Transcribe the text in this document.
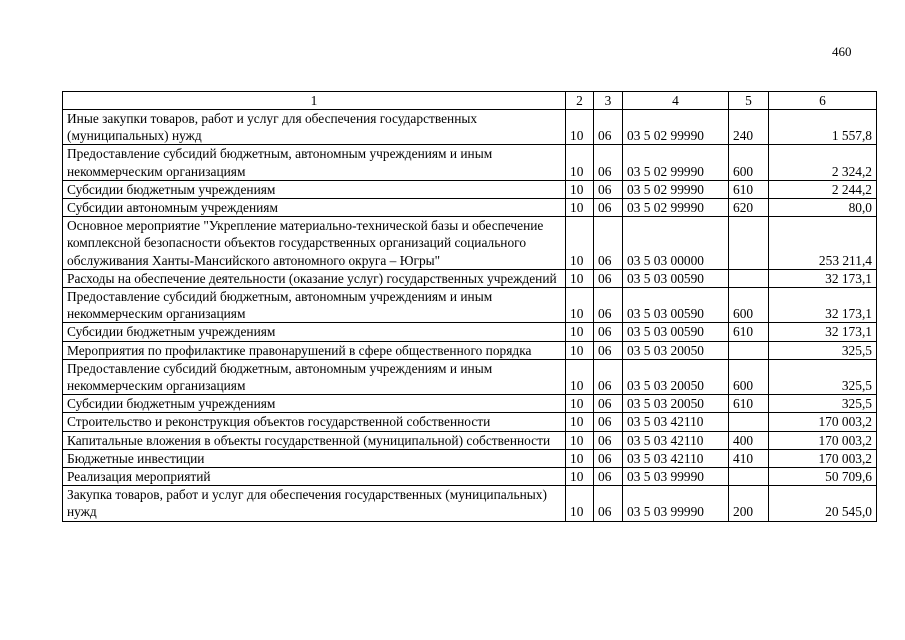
460
1	2	3	4	5	6
Иные закупки товаров, работ и услуг для обеспечения государственных (муниципальных) нужд	10	06	03 5 02 99990	240	1 557,8
Предоставление субсидий бюджетным, автономным учреждениям и иным некоммерческим организациям	10	06	03 5 02 99990	600	2 324,2
Субсидии бюджетным учреждениям	10	06	03 5 02 99990	610	2 244,2
Субсидии автономным учреждениям	10	06	03 5 02 99990	620	80,0
Основное мероприятие "Укрепление материально-технической базы и обеспечение комплексной безопасности объектов государственных организаций социального обслуживания Ханты-Мансийского автономного округа – Югры"	10	06	03 5 03 00000		253 211,4
Расходы на обеспечение деятельности (оказание услуг) государственных учреждений	10	06	03 5 03 00590		32 173,1
Предоставление субсидий бюджетным, автономным учреждениям и иным некоммерческим организациям	10	06	03 5 03 00590	600	32 173,1
Субсидии бюджетным учреждениям	10	06	03 5 03 00590	610	32 173,1
Мероприятия по профилактике правонарушений в сфере общественного порядка	10	06	03 5 03 20050		325,5
Предоставление субсидий бюджетным, автономным учреждениям и иным некоммерческим организациям	10	06	03 5 03 20050	600	325,5
Субсидии бюджетным учреждениям	10	06	03 5 03 20050	610	325,5
Строительство и реконструкция объектов государственной собственности	10	06	03 5 03 42110		170 003,2
Капитальные вложения в объекты государственной (муниципальной) собственности	10	06	03 5 03 42110	400	170 003,2
Бюджетные инвестиции	10	06	03 5 03 42110	410	170 003,2
Реализация мероприятий	10	06	03 5 03 99990		50 709,6
Закупка товаров, работ и услуг для обеспечения государственных (муниципальных) нужд	10	06	03 5 03 99990	200	20 545,0
